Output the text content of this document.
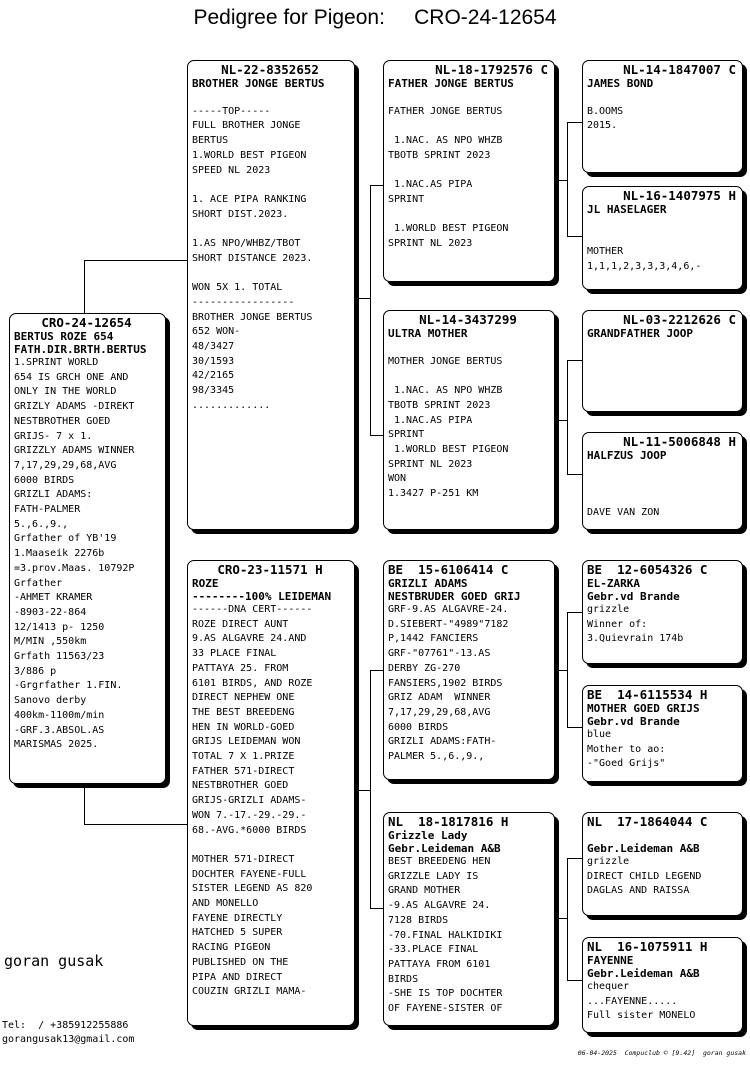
Pedigree for Pigeon: CRO-24-12654
CRO-24-12654
BERTUS ROZE 654
FATH.DIR.BRTH.BERTUS
1.SPRINT WORLD
654 IS GRCH ONE AND
ONLY IN THE WORLD
GRIZLY ADAMS -DIREKT
NESTBROTHER GOED
GRIJS- 7 x 1.
GRIZZLY ADAMS WINNER
7,17,29,29,68,AVG
6000 BIRDS
GRIZLI ADAMS:
FATH-PALMER
5.,6.,9.,
Grfather of YB'19
1.Maaseik 2276b
=3.prov.Maas. 10792P
Grfather
-AHMET KRAMER
-8903-22-864
12/1413 p- 1250
M/MIN ,550km
Grfath 11563/23
3/886 p
-Grgrfather 1.FIN.
Sanovo derby
400km-1100m/min
-GRF.3.ABSOL.AS
MARISMAS 2025.
NL-22-8352652
BROTHER JONGE BERTUS

-----TOP-----
FULL BROTHER JONGE
BERTUS
1.WORLD BEST PIGEON
SPEED NL 2023

1. ACE PIPA RANKING
SHORT DIST.2023.

1.AS NPO/WHBZ/TBOT
SHORT DISTANCE 2023.

WON 5X 1. TOTAL
-----------------
BROTHER JONGE BERTUS
652 WON-
48/3427
30/1593
42/2165
98/3345
.............
CRO-23-11571 H
ROZE
--------100% LEIDEMAN
------DNA CERT------
ROZE DIRECT AUNT
9.AS ALGAVRE 24.AND
33 PLACE FINAL
PATTAYA 25. FROM
6101 BIRDS, AND ROZE
DIRECT NEPHEW ONE
THE BEST BREEDENG
HEN IN WORLD-GOED
GRIJS LEIDEMAN WON
TOTAL 7 X 1.PRIZE
FATHER 571-DIRECT
NESTBROTHER GOED
GRIJS-GRIZLI ADAMS-
WON 7.-17.-29.-29.-
68.-AVG.*6000 BIRDS

MOTHER 571-DIRECT
DOCHTER FAYENE-FULL
SISTER LEGEND AS 820
AND MONELLO
FAYENE DIRECTLY
HATCHED 5 SUPER
RACING PIGEON
PUBLISHED ON THE
PIPA AND DIRECT
COUZIN GRIZLI MAMA-
NL-18-1792576 C
FATHER JONGE BERTUS

FATHER JONGE BERTUS

1.NAC. AS NPO WHZB
TBOTB SPRINT 2023

1.NAC.AS PIPA
SPRINT

1.WORLD BEST PIGEON
SPRINT NL 2023
NL-14-3437299
ULTRA MOTHER

MOTHER JONGE BERTUS

1.NAC. AS NPO WHZB
TBOTB SPRINT 2023
1.NAC.AS PIPA
SPRINT
1.WORLD BEST PIGEON
SPRINT NL 2023
WON
1.3427 P-251 KM
BE  15-6106414 C
GRIZLI ADAMS
NESTBRUDER GOED GRIJ
GRF-9.AS ALGAVRE-24.
D.SIEBERT-"4989"7182
P,1442 FANCIERS
GRF-"07761"-13.AS
DERBY ZG-270
FANSIERS,1902 BIRDS
GRIZ ADAM  WINNER
7,17,29,29,68,AVG
6000 BIRDS
GRIZLI ADAMS:FATH-
PALMER 5.,6.,9.,
NL  18-1817816 H
Grizzle Lady
Gebr.Leideman A&B
BEST BREEDENG HEN
GRIZZLE LADY IS
GRAND MOTHER
-9.AS ALGAVRE 24.
7128 BIRDS
-70.FINAL HALKIDIKI
-33.PLACE FINAL
PATTAYA FROM 6101
BIRDS
-SHE IS TOP DOCHTER
OF FAYENE-SISTER OF
NL-14-1847007 C
JAMES BOND

B.OOMS
2015.
NL-16-1407975 H
JL HASELAGER

MOTHER
1,1,1,2,3,3,3,4,6,-
NL-03-2212626 C
GRANDFATHER JOOP
NL-11-5006848 H
HALFZUS JOOP

DAVE VAN ZON
BE  12-6054326 C
EL-ZARKA
Gebr.vd Brande
grizzle
Winner of:
3.Quievrain 174b
BE  14-6115534 H
MOTHER GOED GRIJS
Gebr.vd Brande
blue
Mother to ao:
-"Goed Grijs"
NL  17-1864044 C

Gebr.Leideman A&B
grizzle
DIRECT CHILD LEGEND
DAGLAS AND RAISSA
NL  16-1075911 H
FAYENNE
Gebr.Leideman A&B
chequer
...FAYENNE.....
Full sister MONELO
goran gusak
Tel:  / +385912255886
gorangusak13@gmail.com
06-04-2025  Compuclub © [9.42]  goran gusak
